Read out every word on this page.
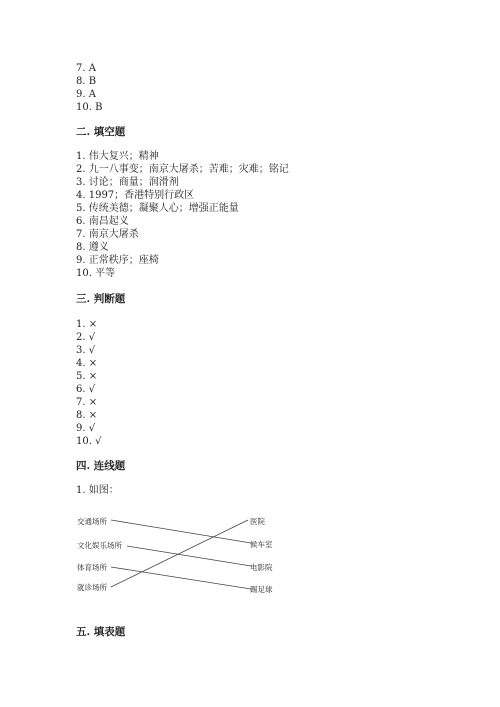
7. A
8. B
9. A
10. B
二. 填空题
1. 伟大复兴；精神
2. 九一八事变；南京大屠杀；苦难；灾难；铭记
3. 讨论；商量；润滑剂
4. 1997；香港特别行政区
5. 传统美德；凝聚人心；增强正能量
6. 南昌起义
7. 南京大屠杀
8. 遵义
9. 正常秩序；座椅
10. 平等
三. 判断题
1. ×
2. √
3. √
4. ×
5. ×
6. √
7. ×
8. ×
9. √
10. √
四. 连线题
1. 如图：
交通场所
文化娱乐场所
体育场所
就诊场所
医院
候车室
电影院
踢足球
五. 填表题
